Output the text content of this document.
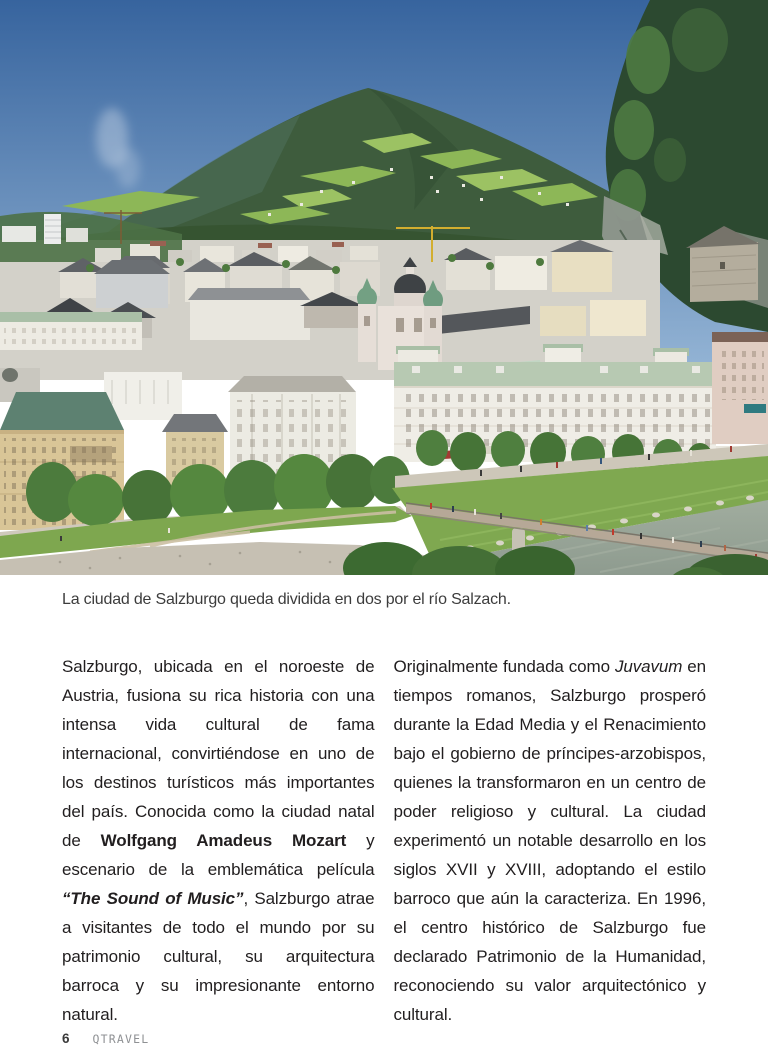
La ciudad de Salzburgo queda dividida en dos por el río Salzach.

Salzburgo, ubicada en el noroeste de Austria, fusiona su rica historia con una intensa vida cultural de fama internacional, convirtiéndose en uno de los destinos turísticos más importantes del país. Conocida como la ciudad natal de Wolfgang Amadeus Mozart y escenario de la emblemática película “The Sound of Music”, Salzburgo atrae a visitantes de todo el mundo por su patrimonio cultural, su arquitectura barroca y su impresionante entorno natural.

Originalmente fundada como Juvavum en tiempos romanos, Salzburgo prosperó durante la Edad Media y el Renacimiento bajo el gobierno de príncipes-arzobispos, quienes la transformaron en un centro de poder religioso y cultural. La ciudad experimentó un notable desarrollo en los siglos XVII y XVIII, adoptando el estilo barroco que aún la caracteriza. En 1996, el centro histórico de Salzburgo fue declarado Patrimonio de la Humanidad, reconociendo su valor arquitectónico y cultural.

6 QTRAVEL
